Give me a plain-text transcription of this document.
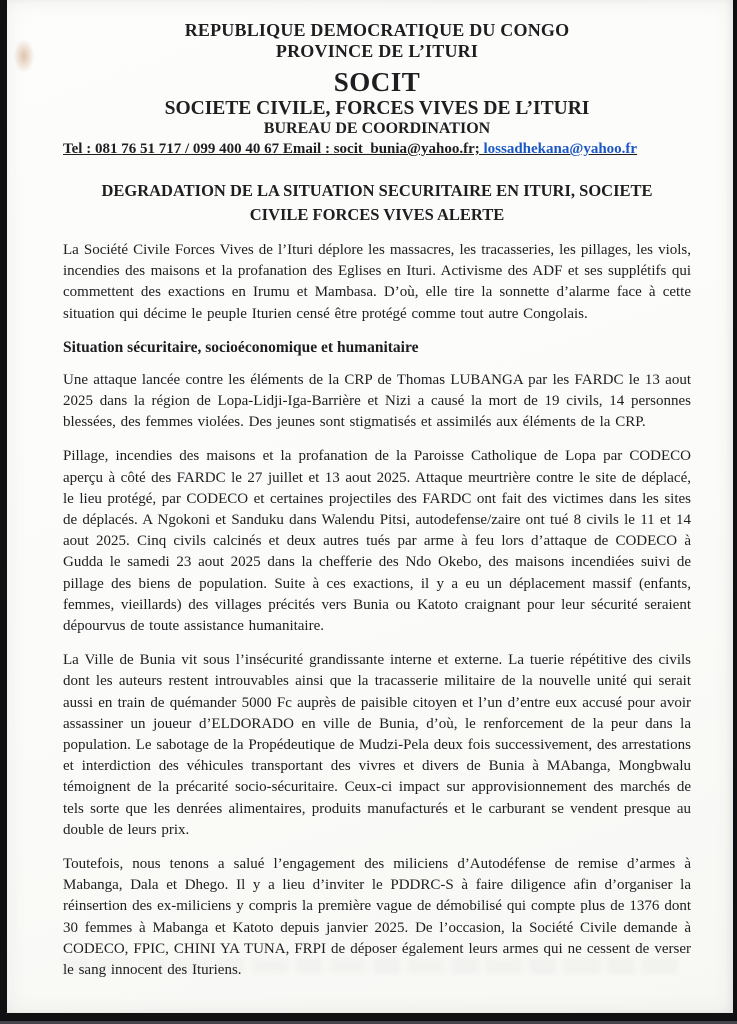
REPUBLIQUE DEMOCRATIQUE DU CONGO
PROVINCE DE L’ITURI
SOCIT
SOCIETE CIVILE, FORCES VIVES DE L’ITURI
BUREAU DE COORDINATION
Tel : 081 76 51 717 / 099 400 40 67 Email : socit_bunia@yahoo.fr; lossadhekana@yahoo.fr
DEGRADATION DE LA SITUATION SECURITAIRE EN ITURI, SOCIETE CIVILE FORCES VIVES ALERTE

La Société Civile Forces Vives de l’Ituri déplore les massacres, les tracasseries, les pillages, les viols, incendies des maisons et la profanation des Eglises en Ituri. Activisme des ADF et ses supplétifs qui commettent des exactions en Irumu et Mambasa. D’où, elle tire la sonnette d’alarme face à cette situation qui décime le peuple Iturien censé être protégé comme tout autre Congolais.

Situation sécuritaire, socioéconomique et humanitaire

Une attaque lancée contre les éléments de la CRP de Thomas LUBANGA par les FARDC le 13 aout 2025 dans la région de Lopa-Lidji-Iga-Barrière et Nizi a causé la mort de 19 civils, 14 personnes blessées, des femmes violées. Des jeunes sont stigmatisés et assimilés aux éléments de la CRP.

Pillage, incendies des maisons et la profanation de la Paroisse Catholique de Lopa par CODECO aperçu à côté des FARDC le 27 juillet et 13 aout 2025. Attaque meurtrière contre le site de déplacé, le lieu protégé, par CODECO et certaines projectiles des FARDC ont fait des victimes dans les sites de déplacés. A Ngokoni et Sanduku dans Walendu Pitsi, autodefense/zaire ont tué 8 civils le 11 et 14 aout 2025. Cinq civils calcinés et deux autres tués par arme à feu lors d’attaque de CODECO à Gudda le samedi 23 aout 2025 dans la chefferie des Ndo Okebo, des maisons incendiées suivi de pillage des biens de population. Suite à ces exactions, il y a eu un déplacement massif (enfants, femmes, vieillards) des villages précités vers Bunia ou Katoto craignant pour leur sécurité seraient dépourvus de toute assistance humanitaire.

La Ville de Bunia vit sous l’insécurité grandissante interne et externe. La tuerie répétitive des civils dont les auteurs restent introuvables ainsi que la tracasserie militaire de la nouvelle unité qui serait aussi en train de quémander 5000 Fc auprès de paisible citoyen et l’un d’entre eux accusé pour avoir assassiner un joueur d’ELDORADO en ville de Bunia, d’où, le renforcement de la peur dans la population. Le sabotage de la Propédeutique de Mudzi-Pela deux fois successivement, des arrestations et interdiction des véhicules transportant des vivres et divers de Bunia à MAbanga, Mongbwalu témoignent de la précarité socio-sécuritaire. Ceux-ci impact sur approvisionnement des marchés de tels sorte que les denrées alimentaires, produits manufacturés et le carburant se vendent presque au double de leurs prix.

Toutefois, nous tenons a salué l’engagement des miliciens d’Autodéfense de remise d’armes à Mabanga, Dala et Dhego. Il y a lieu d’inviter le PDDRC-S à faire diligence afin d’organiser la réinsertion des ex-miliciens y compris la première vague de démobilisé qui compte plus de 1376 dont 30 femmes à Mabanga et Katoto depuis janvier 2025. De l’occasion, la Société Civile demande à CODECO, FPIC, CHINI YA TUNA, FRPI de déposer également leurs armes qui ne cessent de verser le sang innocent des Ituriens.
